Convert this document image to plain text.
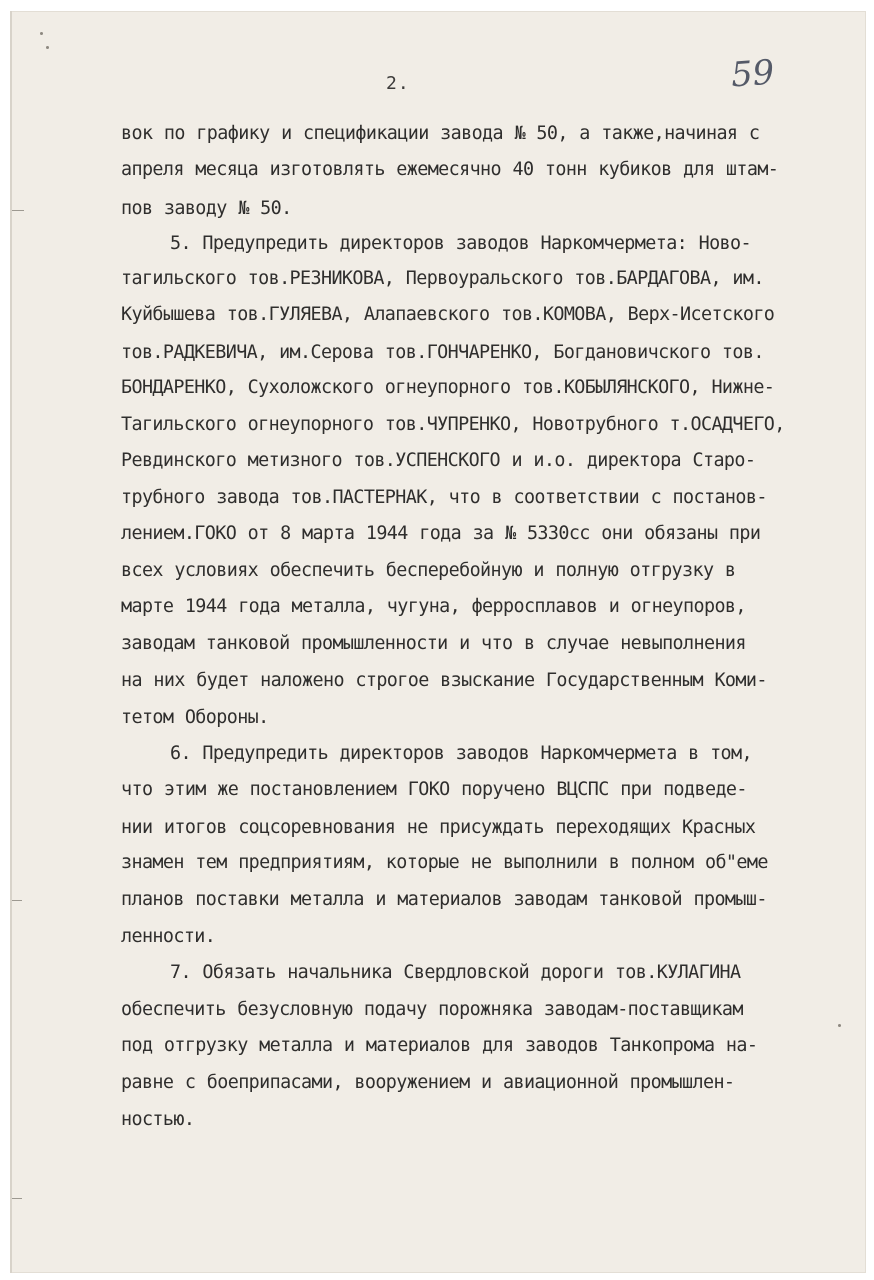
2.	59
вок по графику и спецификации завода № 50, а также,начиная с
апреля месяца изготовлять ежемесячно 40 тонн кубиков для штам-
пов заводу № 50.
5. Предупредить директоров заводов Наркомчермета: Ново-
тагильского тов.РЕЗНИКОВА, Первоуральского тов.БАРДАГОВА, им.
Куйбышева тов.ГУЛЯЕВА, Алапаевского тов.КОМОВА, Верх-Исетского
тов.РАДКЕВИЧА, им.Серова тов.ГОНЧАРЕНКО, Богдановичского тов.
БОНДАРЕНКО, Сухоложского огнеупорного тов.КОБЫЛЯНСКОГО, Нижне-
Тагильского огнеупорного тов.ЧУПРЕНКО, Новотрубного т.ОСАДЧЕГО,
Ревдинского метизного тов.УСПЕНСКОГО и и.о. директора Старо-
трубного завода тов.ПАСТЕРНАК, что в соответствии с постанов-
лением.ГОКО от 8 марта 1944 года за № 5330сс они обязаны при
всех условиях обеспечить бесперебойную и полную отгрузку в
марте 1944 года металла, чугуна, ферросплавов и огнеупоров,
заводам танковой промышленности и что в случае невыполнения
на них будет наложено строгое взыскание Государственным Коми-
тетом Обороны.
6. Предупредить директоров заводов Наркомчермета в том,
что этим же постановлением ГОКО поручено ВЦСПС при подведе-
нии итогов соцсоревнования не присуждать переходящих Красных
знамен тем предприятиям, которые не выполнили в полном об"еме
планов поставки металла и материалов заводам танковой промыш-
ленности.
7. Обязать начальника Свердловской дороги тов.КУЛАГИНА
обеспечить безусловную подачу порожняка заводам-поставщикам
под отгрузку металла и материалов для заводов Танкопрома на-
равне с боеприпасами, вооружением и авиационной промышлен-
ностью.
